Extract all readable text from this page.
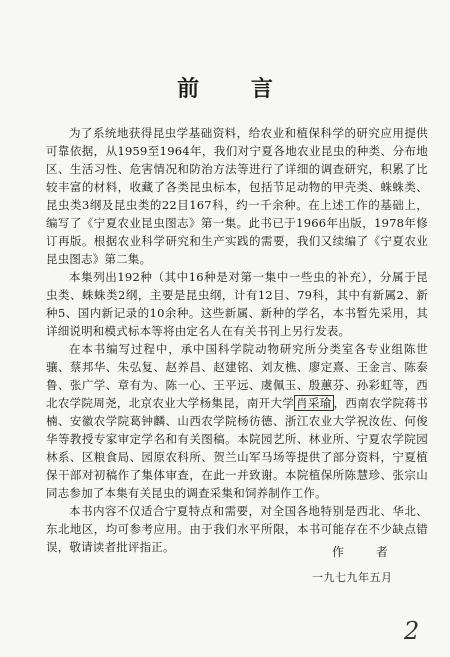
前 言

为了系统地获得昆虫学基础资料，给农业和植保科学的研究应用提供可靠依据，从1959至1964年，我们对宁夏各地农业昆虫的种类、分布地区、生活习性、危害情况和防治方法等进行了详细的调查研究，积累了比较丰富的材料，收藏了各类昆虫标本，包括节足动物的甲壳类、蛛蛛类、昆虫类3纲及昆虫类的22目167科，约一千余种。在上述工作的基础上，编写了《宁夏农业昆虫图志》第一集。此书已于1966年出版，1978年修订再版。根据农业科学研究和生产实践的需要，我们又续编了《宁夏农业昆虫图志》第二集。

本集列出192种（其中16种是对第一集中一些虫的补充），分属于昆虫类、蛛蛛类2纲，主要是昆虫纲，计有12目、79科，其中有新属2、新种5、国内新记录的10余种。这些新属、新种的学名，本书暂先采用，其详细说明和模式标本等将由定名人在有关书刊上另行发表。

在本书编写过程中，承中国科学院动物研究所分类室各专业组陈世骧、蔡邦华、朱弘复、赵养昌、赵建铭、刘友樵、廖定熹、王金言、陈泰鲁、张广学、章有为、陈一心、王平远、虞佩玉、殷蕙芬、孙彩虹等，西北农学院周尧，北京农业大学杨集昆，南开大学 肖采瑜 ，西南农学院蒋书楠、安徽农学院葛钟麟、山西农学院杨彷德、浙江农业大学祝汝佐、何俊华等教授专家审定学名和有关图稿。本院园艺所、林业所、宁夏农学院园林系、区粮食局、园原农科所、贺兰山军马场等提供了部分资料，宁夏植保干部对初稿作了集体审查，在此一并致谢。本院植保所陈慧珍、张宗山同志参加了本集有关昆虫的调查采集和饲养制作工作。

本书内容不仅适合宁夏特点和需要，对全国各地特别是西北、华北、东北地区，均可参考应用。由于我们水平所限，本书可能存在不少缺点错误，敬请读者批评指正。	作 者
一九七九年五月
2
